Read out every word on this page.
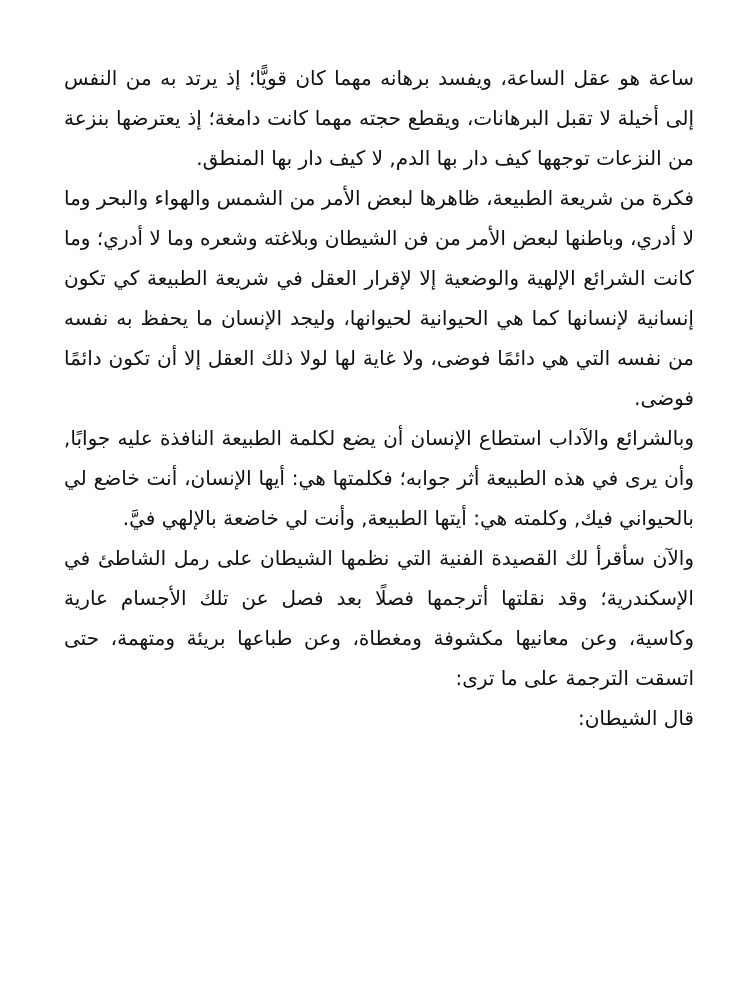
ساعة هو عقل الساعة، ويفسد برهانه مهما كان قويًّا؛ إذ يرتد به من النفس إلى أخيلة لا تقبل البرهانات، ويقطع حجته مهما كانت دامغة؛ إذ يعترضها بنزعة من النزعات توجهها كيف دار بها الدم, لا كيف دار بها المنطق.

فكرة من شريعة الطبيعة، ظاهرها لبعض الأمر من الشمس والهواء والبحر وما لا أدري، وباطنها لبعض الأمر من فن الشيطان وبلاغته وشعره وما لا أدري؛ وما كانت الشرائع الإلهية والوضعية إلا لإقرار العقل في شريعة الطبيعة كي تكون إنسانية لإنسانها كما هي الحيوانية لحيوانها، وليجد الإنسان ما يحفظ به نفسه من نفسه التي هي دائمًا فوضى، ولا غاية لها لولا ذلك العقل إلا أن تكون دائمًا فوضى.

وبالشرائع والآداب استطاع الإنسان أن يضع لكلمة الطبيعة النافذة عليه جوابًا, وأن يرى في هذه الطبيعة أثر جوابه؛ فكلمتها هي: أيها الإنسان، أنت خاضع لي بالحيواني فيك, وكلمته هي: أيتها الطبيعة, وأنت لي خاضعة بالإلهي فيَّ.

والآن سأقرأ لك القصيدة الفنية التي نظمها الشيطان على رمل الشاطئ في الإسكندرية؛ وقد نقلتها أترجمها فصلًا بعد فصل عن تلك الأجسام عارية وكاسية، وعن معانيها مكشوفة ومغطاة، وعن طباعها بريئة ومتهمة، حتى اتسقت الترجمة على ما ترى:

قال الشيطان:
